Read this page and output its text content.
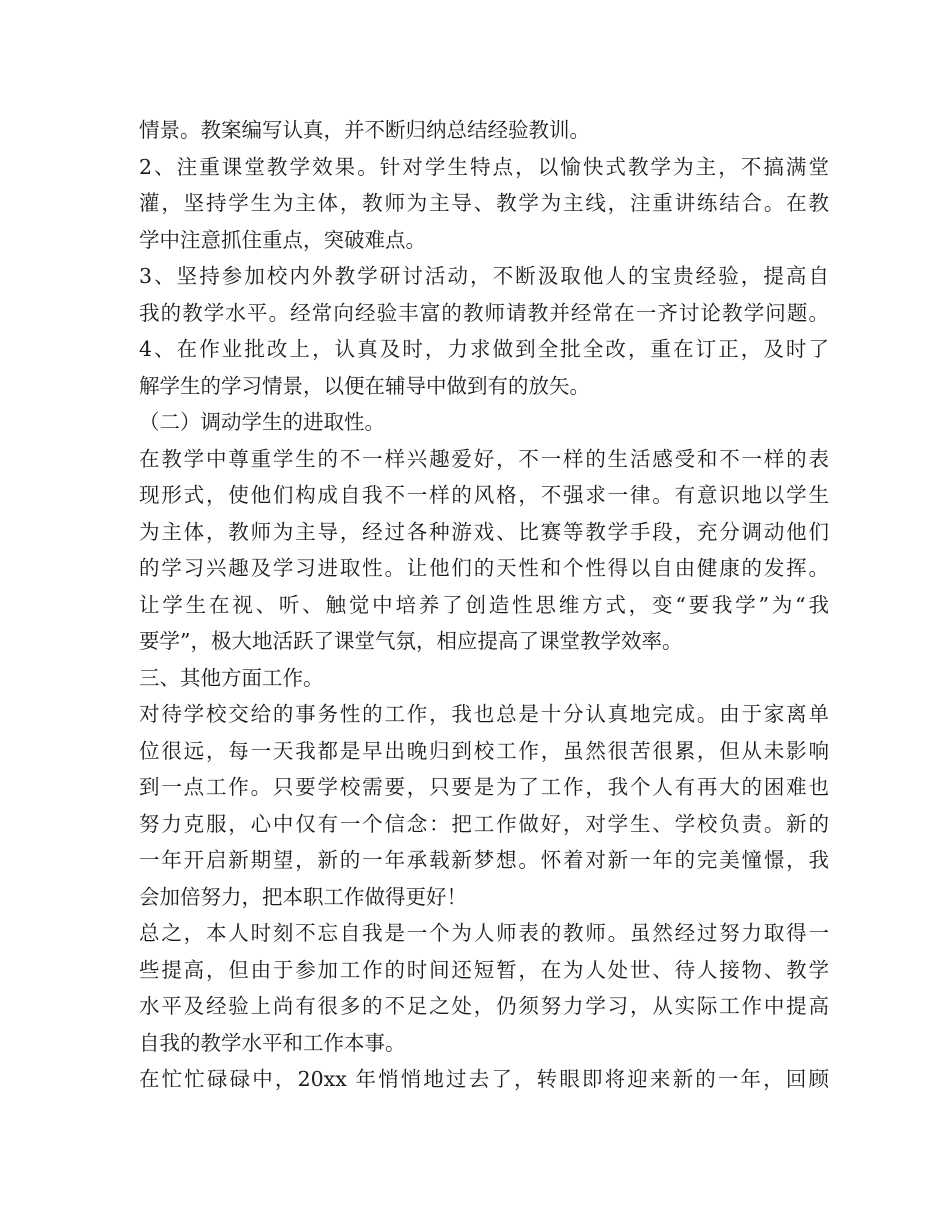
情景。教案编写认真，并不断归纳总结经验教训。
2、注重课堂教学效果。针对学生特点，以愉快式教学为主，不搞满堂
灌，坚持学生为主体，教师为主导、教学为主线，注重讲练结合。在教
学中注意抓住重点，突破难点。
3、坚持参加校内外教学研讨活动，不断汲取他人的宝贵经验，提高自
我的教学水平。经常向经验丰富的教师请教并经常在一齐讨论教学问题。
4、在作业批改上，认真及时，力求做到全批全改，重在订正，及时了
解学生的学习情景，以便在辅导中做到有的放矢。
（二）调动学生的进取性。
在教学中尊重学生的不一样兴趣爱好，不一样的生活感受和不一样的表
现形式，使他们构成自我不一样的风格，不强求一律。有意识地以学生
为主体，教师为主导，经过各种游戏、比赛等教学手段，充分调动他们
的学习兴趣及学习进取性。让他们的天性和个性得以自由健康的发挥。
让学生在视、听、触觉中培养了创造性思维方式，变“要我学”为“我
要学”，极大地活跃了课堂气氛，相应提高了课堂教学效率。
三、其他方面工作。
对待学校交给的事务性的工作，我也总是十分认真地完成。由于家离单
位很远，每一天我都是早出晚归到校工作，虽然很苦很累，但从未影响
到一点工作。只要学校需要，只要是为了工作，我个人有再大的困难也
努力克服，心中仅有一个信念：把工作做好，对学生、学校负责。新的
一年开启新期望，新的一年承载新梦想。怀着对新一年的完美憧憬，我
会加倍努力，把本职工作做得更好！
总之，本人时刻不忘自我是一个为人师表的教师。虽然经过努力取得一
些提高，但由于参加工作的时间还短暂，在为人处世、待人接物、教学
水平及经验上尚有很多的不足之处，仍须努力学习，从实际工作中提高
自我的教学水平和工作本事。
在忙忙碌碌中，20xx 年悄悄地过去了，转眼即将迎来新的一年，回顾
